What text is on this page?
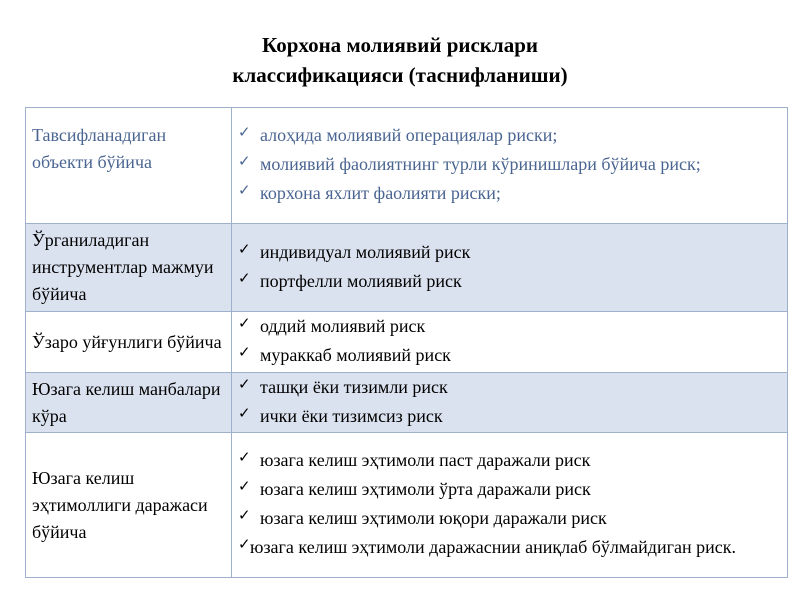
Корхона молиявий рисклари
классификацияси (таснифланиши)
Тавсифланадиган объекти бўйича	✓ алоҳида молиявий операциялар риски;
✓ молиявий фаолиятнинг турли кўринишлари бўйича риск;
✓ корхона яхлит фаолияти риски;

Ўрганиладиган инструментлар мажмуи бўйича	✓ индивидуал молиявий риск
✓ портфелли молиявий риск

Ўзаро уйғунлиги бўйича	✓ оддий молиявий риск
✓ мураккаб молиявий риск

Юзага келиш манбалари кўра	✓ ташқи ёки тизимли риск
✓ ички ёки тизимсиз риск

Юзага келиш эҳтимоллиги даражаси бўйича	✓ юзага келиш эҳтимоли паст даражали риск
✓ юзага келиш эҳтимоли ўрта даражали риск
✓ юзага келиш эҳтимоли юқори даражали риск
✓юзага келиш эҳтимоли даражаснии аниқлаб бўлмайдиган риск.
